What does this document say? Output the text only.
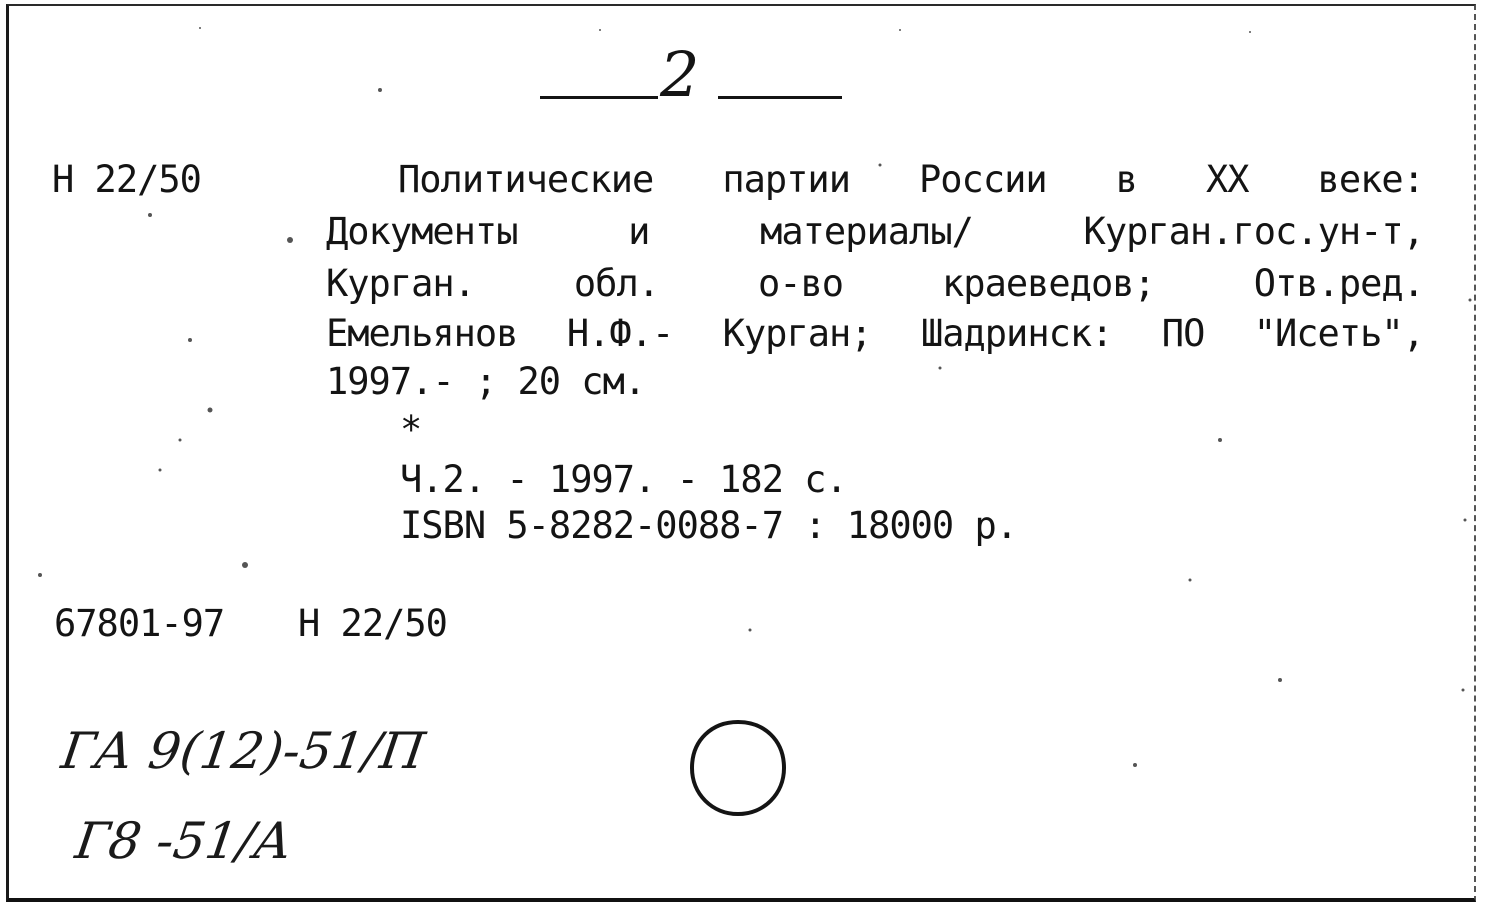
2
Н 22/50	Политические партии России в XX веке:
Документы	и	материалы/	Курган.гос.ун-т,
Курган.	обл.	о-во	краеведов;	Отв.ред.
Емельянов Н.Ф.- Курган; Шадринск: ПО "Исеть",
1997.- ; 20 см.
*
Ч.2. - 1997. - 182 с.
ISBN 5-8282-0088-7 : 18000 р.
67801-97 Н 22/50
ГА 9(12)-51/П
Г8 -51/А
